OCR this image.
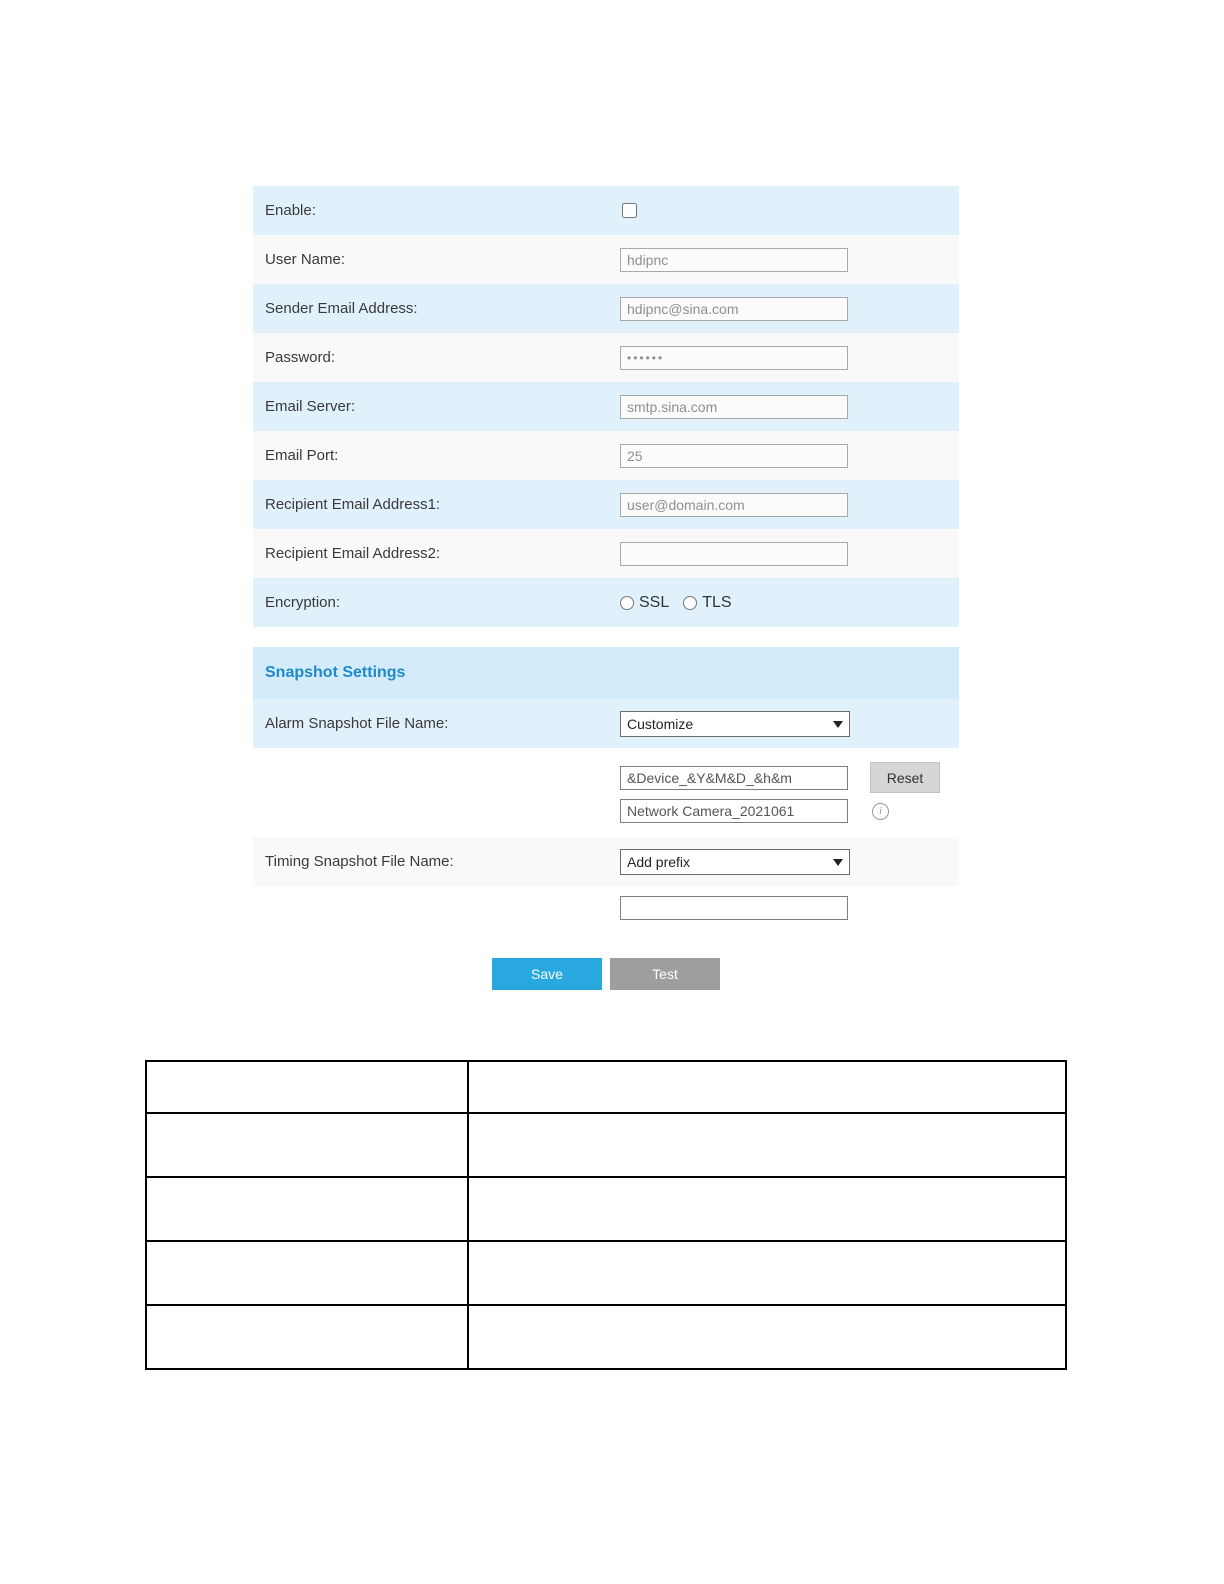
Enable:
User Name:
hdipnc
Sender Email Address:
hdipnc@sina.com
Password:
••••••
Email Server:
smtp.sina.com
Email Port:
25
Recipient Email Address1:
user@domain.com
Recipient Email Address2:
Encryption:	SSL TLS
Snapshot Settings
Alarm Snapshot File Name:	Customize
&Device_&Y&M&D_&h&m
Reset
Network Camera_2021061
i
Timing Snapshot File Name:	Add prefix
Save	Test
